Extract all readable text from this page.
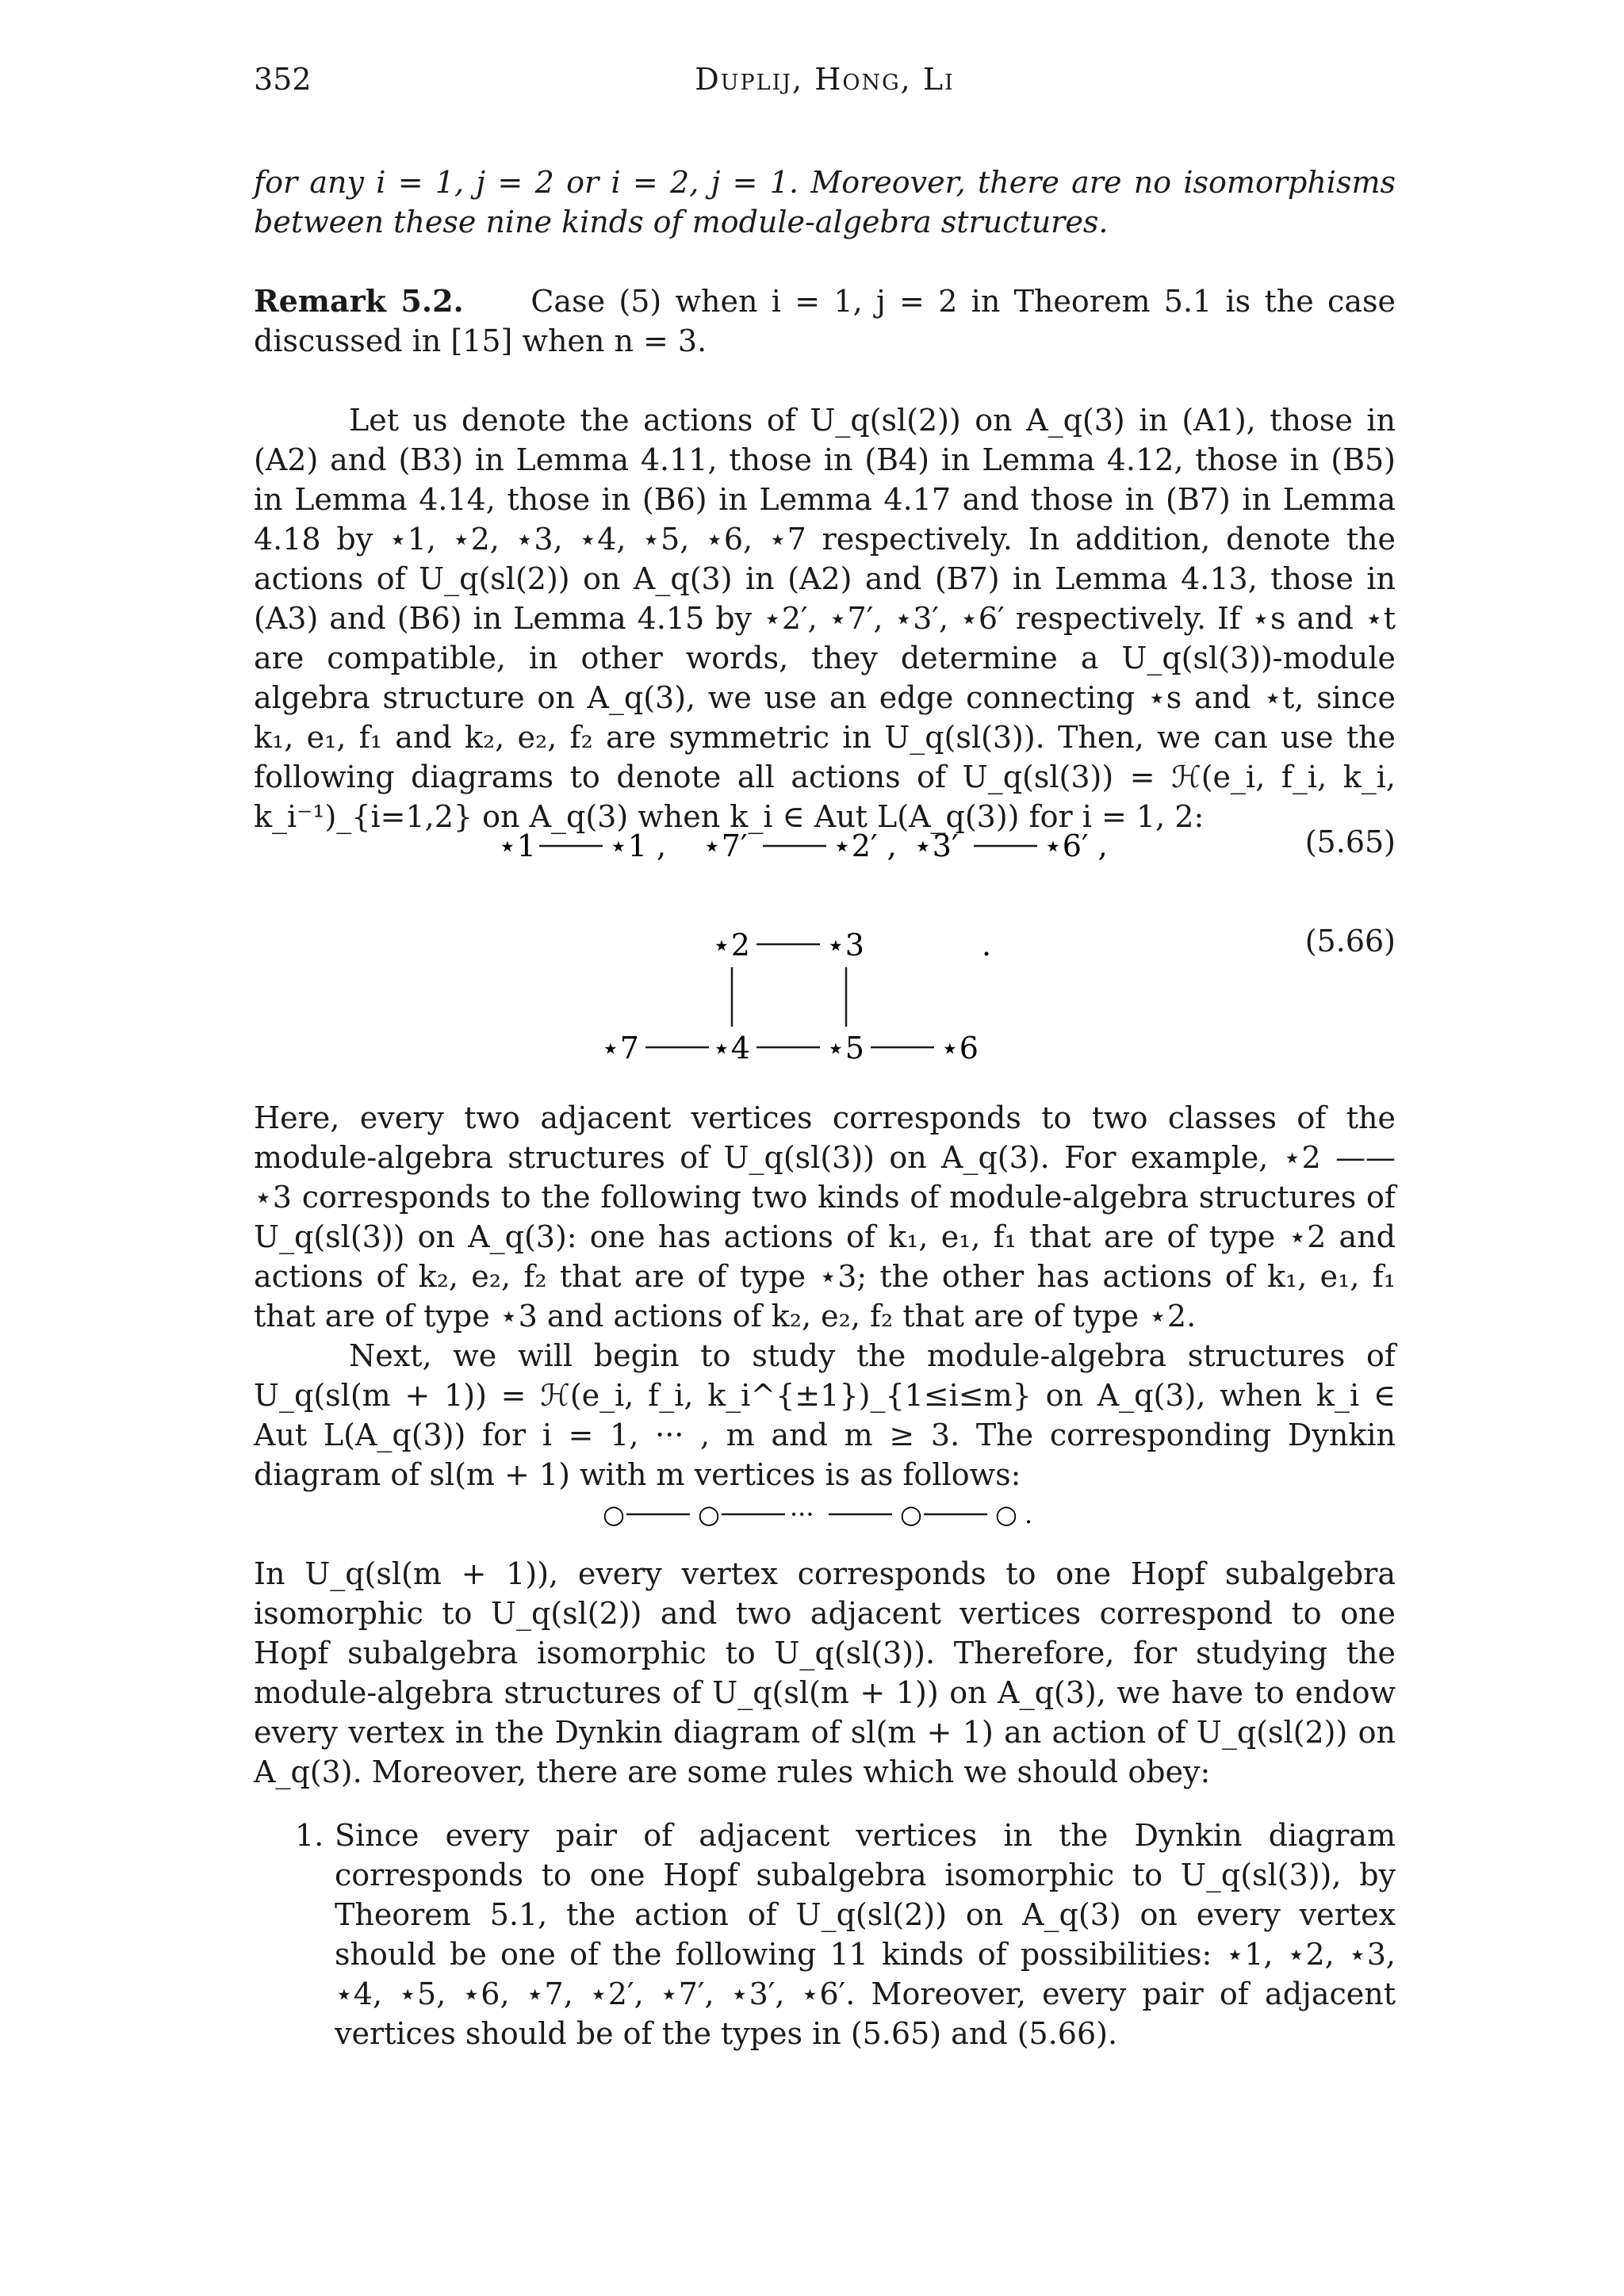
352	Duplij, Hong, Li
for any i = 1, j = 2 or i = 2, j = 1. Moreover, there are no isomorphisms between these nine kinds of module-algebra structures.
Remark 5.2. Case (5) when i = 1, j = 2 in Theorem 5.1 is the case discussed in [15] when n = 3.
Let us denote the actions of U_q(sl(2)) on A_q(3) in (A1), those in (A2) and (B3) in Lemma 4.11, those in (B4) in Lemma 4.12, those in (B5) in Lemma 4.14, those in (B6) in Lemma 4.17 and those in (B7) in Lemma 4.18 by ⋆1, ⋆2, ⋆3, ⋆4, ⋆5, ⋆6, ⋆7 respectively. In addition, denote the actions of U_q(sl(2)) on A_q(3) in (A2) and (B7) in Lemma 4.13, those in (A3) and (B6) in Lemma 4.15 by ⋆2′, ⋆7′, ⋆3′, ⋆6′ respectively. If ⋆s and ⋆t are compatible, in other words, they determine a U_q(sl(3))-module algebra structure on A_q(3), we use an edge connecting ⋆s and ⋆t, since k₁, e₁, f₁ and k₂, e₂, f₂ are symmetric in U_q(sl(3)). Then, we can use the following diagrams to denote all actions of U_q(sl(3)) = ℋ(e_i, f_i, k_i, k_i⁻¹)_{i=1,2} on A_q(3) when k_i ∈ Aut L(A_q(3)) for i = 1, 2:
⋆1 ⋆1 , ⋆7′	⋆2′ , ⋆3′	⋆6′ ,	(5.65)
⋆2	⋆3	.
⋆7 ⋆4	⋆5	⋆6
(5.66)
Here, every two adjacent vertices corresponds to two classes of the module-algebra structures of U_q(sl(3)) on A_q(3). For example, ⋆2 —— ⋆3 corresponds to the following two kinds of module-algebra structures of U_q(sl(3)) on A_q(3): one has actions of k₁, e₁, f₁ that are of type ⋆2 and actions of k₂, e₂, f₂ that are of type ⋆3; the other has actions of k₁, e₁, f₁ that are of type ⋆3 and actions of k₂, e₂, f₂ that are of type ⋆2.
Next, we will begin to study the module-algebra structures of U_q(sl(m + 1)) = ℋ(e_i, f_i, k_i^{±1})_{1≤i≤m} on A_q(3), when k_i ∈ Aut L(A_q(3)) for i = 1, ··· , m and m ≥ 3. The corresponding Dynkin diagram of sl(m + 1) with m vertices is as follows:
○	○	···	○	○ .
In U_q(sl(m + 1)), every vertex corresponds to one Hopf subalgebra isomorphic to U_q(sl(2)) and two adjacent vertices correspond to one Hopf subalgebra isomorphic to U_q(sl(3)). Therefore, for studying the module-algebra structures of U_q(sl(m + 1)) on A_q(3), we have to endow every vertex in the Dynkin diagram of sl(m + 1) an action of U_q(sl(2)) on A_q(3). Moreover, there are some rules which we should obey:
1. Since every pair of adjacent vertices in the Dynkin diagram corresponds to one Hopf subalgebra isomorphic to U_q(sl(3)), by Theorem 5.1, the action of U_q(sl(2)) on A_q(3) on every vertex should be one of the following 11 kinds of possibilities: ⋆1, ⋆2, ⋆3, ⋆4, ⋆5, ⋆6, ⋆7, ⋆2′, ⋆7′, ⋆3′, ⋆6′. Moreover, every pair of adjacent vertices should be of the types in (5.65) and (5.66).
